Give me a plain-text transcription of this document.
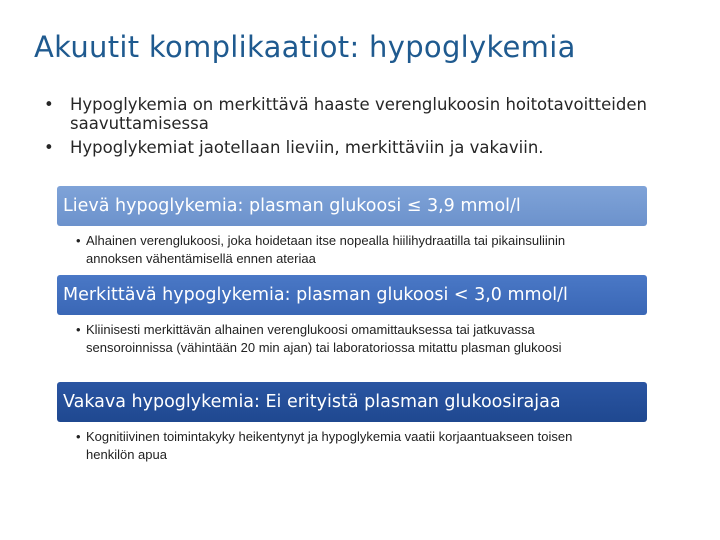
Akuutit komplikaatiot: hypoglykemia
• Hypoglykemia on merkittävä haaste verenglukoosin hoitotavoitteiden saavuttamisessa
• Hypoglykemiat jaotellaan lieviin, merkittäviin ja vakaviin.
Lievä hypoglykemia: plasman glukoosi ≤ 3,9 mmol/l
• Alhainen verenglukoosi, joka hoidetaan itse nopealla hiilihydraatilla tai pikainsuliinin annoksen vähentämisellä ennen ateriaa
Merkittävä hypoglykemia: plasman glukoosi < 3,0 mmol/l
• Kliinisesti merkittävän alhainen verenglukoosi omamittauksessa tai jatkuvassa sensoroinnissa (vähintään 20 min ajan) tai laboratoriossa mitattu plasman glukoosi
Vakava hypoglykemia: Ei erityistä plasman glukoosirajaa
• Kognitiivinen toimintakyky heikentynyt ja hypoglykemia vaatii korjaantuakseen toisen henkilön apua
